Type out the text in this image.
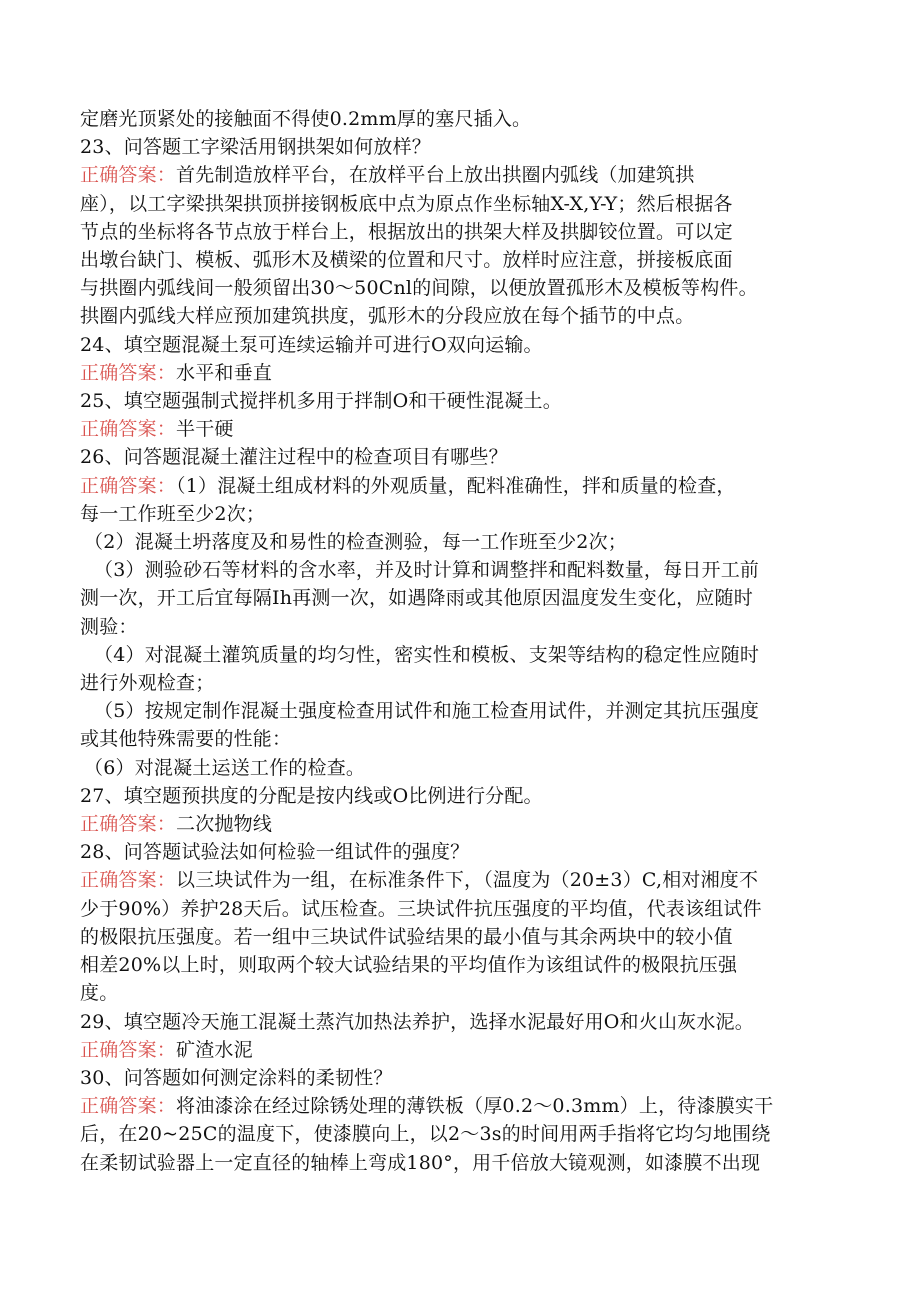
定磨光顶紧处的接触面不得使0.2mm厚的塞尺插入。
23、问答题工字梁活用钢拱架如何放样？
正确答案：首先制造放样平台，在放样平台上放出拱圈内弧线（加建筑拱
座），以工字梁拱架拱顶拼接钢板底中点为原点作坐标轴X-X,Y-Y；然后根据各
节点的坐标将各节点放于样台上，根据放出的拱架大样及拱脚铰位置。可以定
出墩台缺门、模板、弧形木及横梁的位置和尺寸。放样时应注意，拼接板底面
与拱圈内弧线间一般须留出30～50Cnl的间隙，以便放置孤形木及模板等构件。
拱圈内弧线大样应预加建筑拱度，弧形木的分段应放在每个插节的中点。
24、填空题混凝土泵可连续运输并可进行O双向运输。
正确答案：水平和垂直
25、填空题强制式搅拌机多用于拌制O和干硬性混凝土。
正确答案：半干硬
26、问答题混凝土灌注过程中的检查项目有哪些？
正确答案：（1）混凝土组成材料的外观质量，配料准确性，拌和质量的检查，
每一工作班至少2次；
（2）混凝土坍落度及和易性的检查测验，每一工作班至少2次；
（3）测验砂石等材料的含水率，并及时计算和调整拌和配料数量，每日开工前
测一次，开工后宜每隔Ih再测一次，如遇降雨或其他原因温度发生变化，应随时
测验：
（4）对混凝土灌筑质量的均匀性，密实性和模板、支架等结构的稳定性应随时
进行外观检查；
（5）按规定制作混凝土强度检查用试件和施工检查用试件，并测定其抗压强度
或其他特殊需要的性能：
（6）对混凝土运送工作的检查。
27、填空题预拱度的分配是按内线或O比例进行分配。
正确答案：二次抛物线
28、问答题试验法如何检验一组试件的强度？
正确答案：以三块试件为一组，在标准条件下，（温度为（20±3）C,相对湘度不
少于90%）养护28天后。试压检查。三块试件抗压强度的平均值，代表该组试件
的极限抗压强度。若一组中三块试件试验结果的最小值与其余两块中的较小值
相差20%以上时，则取两个较大试验结果的平均值作为该组试件的极限抗压强
度。
29、填空题冷天施工混凝土蒸汽加热法养护，选择水泥最好用O和火山灰水泥。
正确答案：矿渣水泥
30、问答题如何测定涂料的柔韧性？
正确答案：将油漆涂在经过除锈处理的薄铁板（厚0.2～0.3mm）上，待漆膜实干
后，在20~25C的温度下，使漆膜向上，以2～3s的时间用两手指将它均匀地围绕
在柔韧试验器上一定直径的轴棒上弯成180°，用千倍放大镜观测，如漆膜不出现
